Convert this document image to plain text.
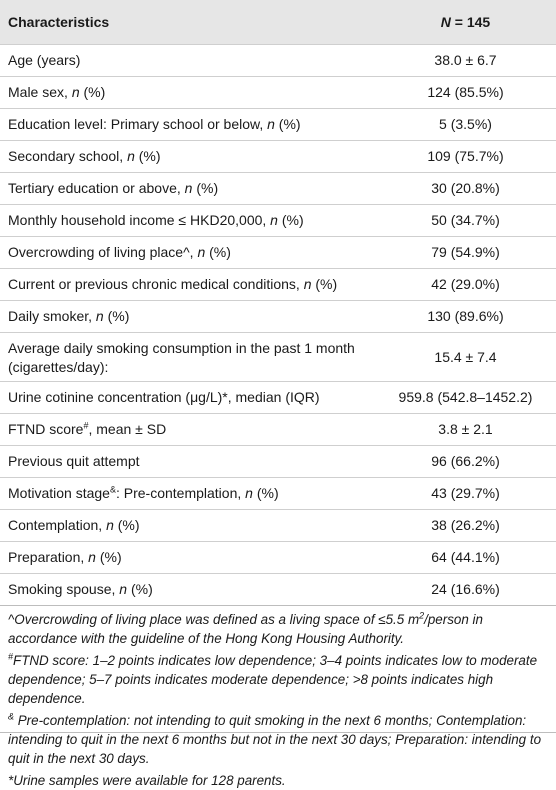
Characteristics	N = 145
Age (years)	38.0 ± 6.7
Male sex, n (%)	124 (85.5%)
Education level: Primary school or below, n (%)	5 (3.5%)
Secondary school, n (%)	109 (75.7%)
Tertiary education or above, n (%)	30 (20.8%)
Monthly household income ≤ HKD20,000, n (%)	50 (34.7%)
Overcrowding of living place^, n (%)	79 (54.9%)
Current or previous chronic medical conditions, n (%)	42 (29.0%)
Daily smoker, n (%)	130 (89.6%)
Average daily smoking consumption in the past 1 month (cigarettes/day):	15.4 ± 7.4
Urine cotinine concentration (μg/L)*, median (IQR)	959.8 (542.8–1452.2)
FTND score#, mean ± SD	3.8 ± 2.1
Previous quit attempt	96 (66.2%)
Motivation stage&: Pre-contemplation, n (%)	43 (29.7%)
Contemplation, n (%)	38 (26.2%)
Preparation, n (%)	64 (44.1%)
Smoking spouse, n (%)	24 (16.6%)

^Overcrowding of living place was defined as a living space of ≤5.5 $m^2$/person in accordance with the guideline of the Hong Kong Housing Authority.

#FTND score: 1–2 points indicates low dependence; 3–4 points indicates low to moderate dependence; 5–7 points indicates moderate dependence; >8 points indicates high dependence.

& Pre-contemplation: not intending to quit smoking in the next 6 months; Contemplation: intending to quit in the next 6 months but not in the next 30 days; Preparation: intending to quit in the next 30 days.

*Urine samples were available for 128 parents.
